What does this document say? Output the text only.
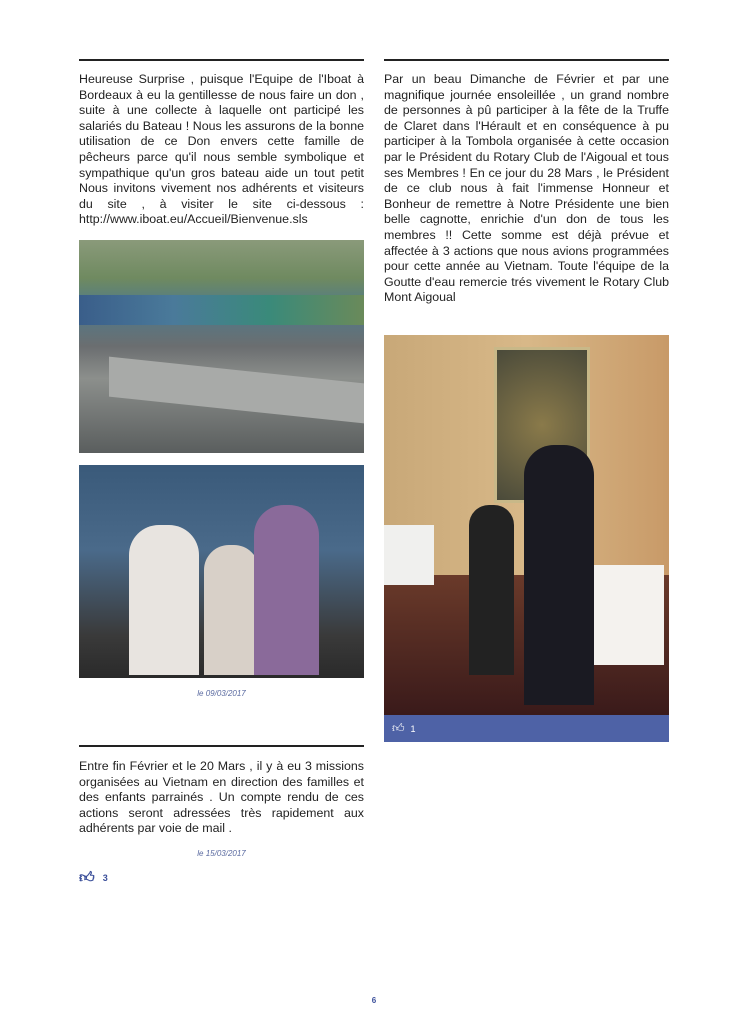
Heureuse Surprise , puisque l'Equipe de l'Iboat à Bordeaux à eu la gentillesse de nous faire un don , suite à une collecte à laquelle ont participé les salariés du Bateau ! Nous les assurons de la bonne utilisation de ce Don envers cette famille de pêcheurs parce qu'il nous semble symbolique et sympathique qu'un gros bateau aide un tout petit Nous invitons vivement nos adhérents et visiteurs du site , à visiter le site ci-dessous : http://www.iboat.eu/Accueil/Bienvenue.sls
le 09/03/2017
Entre fin Février et le 20 Mars , il y à eu 3 missions organisées au Vietnam en direction des familles et des enfants parrainés . Un compte rendu de ces actions seront adressées très rapidement aux adhérents par voie de mail .
le 15/03/2017
👍︎ 3
Par un beau Dimanche de Février et par une magnifique journée ensoleillée , un grand nombre de personnes à pû participer à la fête de la Truffe de Claret dans l'Hérault et en conséquence à pu participer à la Tombola organisée à cette occasion par le Président du Rotary Club de l'Aigoual et tous ses Membres ! En ce jour du 28 Mars , le Président de ce club nous à fait l'immense Honneur et Bonheur de remettre à Notre Présidente une bien belle cagnotte, enrichie d'un don de tous les membres !! Cette somme est déjà prévue et affectée à 3 actions que nous avions programmées pour cette année au Vietnam. Toute l'équipe de la Goutte d'eau remercie trés vivement le Rotary Club Mont Aigoual
👍︎ 1
6
